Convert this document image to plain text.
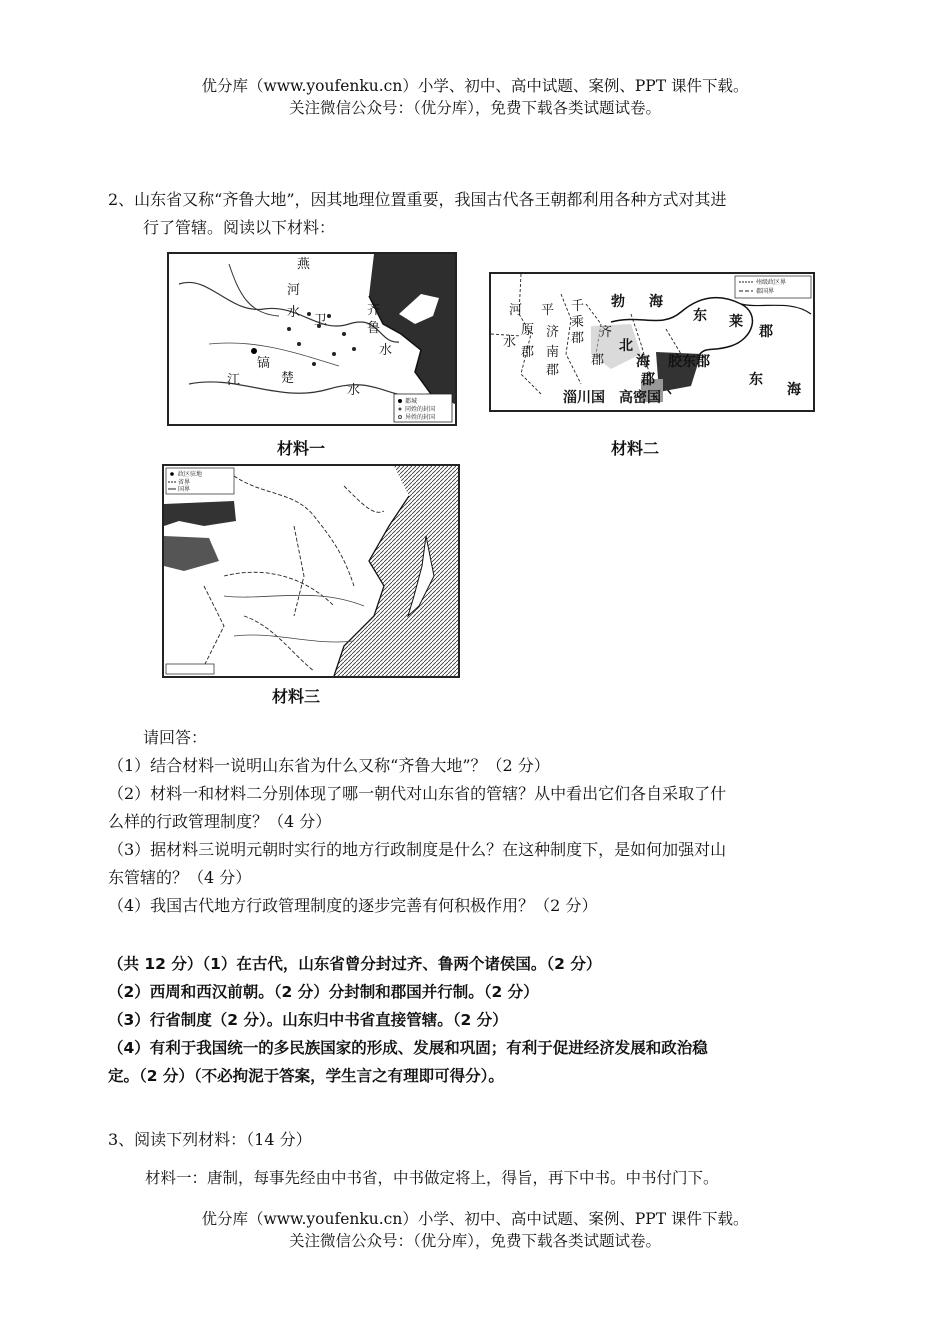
优分库（www.youfenku.cn）小学、初中、高中试题、案例、PPT 课件下载。
关注微信公众号：（优分库），免费下载各类试题试卷。
2、山东省又称“齐鲁大地”，因其地理位置重要，我国古代各王朝都利用各种方式对其进
行了管辖。阅读以下材料：
燕
河
卫
齐
水
鲁
镐
江	楚
水
海
水
都城
同姓的封国
异姓的封国
材料一
州级政区界
郡国界
河 平
原
郡
水
济
南
郡
千
乘
郡 齐
郡
勃 海
北
海
郡
东 莱
郡
胶东郡
淄川国 高密国
东
海
材料二
政区驻地
省界
国界
材料三
请回答：
（1）结合材料一说明山东省为什么又称“齐鲁大地”？（2 分）
（2）材料一和材料二分别体现了哪一朝代对山东省的管辖？从中看出它们各自采取了什
么样的行政管理制度？（4 分）
（3）据材料三说明元朝时实行的地方行政制度是什么？在这种制度下，是如何加强对山
东管辖的？（4 分）
（4）我国古代地方行政管理制度的逐步完善有何积极作用？（2 分）
（共 12 分）（1）在古代，山东省曾分封过齐、鲁两个诸侯国。（2 分）
（2）西周和西汉前朝。（2 分）分封制和郡国并行制。（2 分）
（3）行省制度（2 分）。山东归中书省直接管辖。（2 分）
（4）有利于我国统一的多民族国家的形成、发展和巩固；有利于促进经济发展和政治稳
定。（2 分）（不必拘泥于答案，学生言之有理即可得分）。
3、阅读下列材料：（14 分）
材料一：唐制，每事先经由中书省，中书做定将上，得旨，再下中书。中书付门下。
优分库（www.youfenku.cn）小学、初中、高中试题、案例、PPT 课件下载。
关注微信公众号：（优分库），免费下载各类试题试卷。
